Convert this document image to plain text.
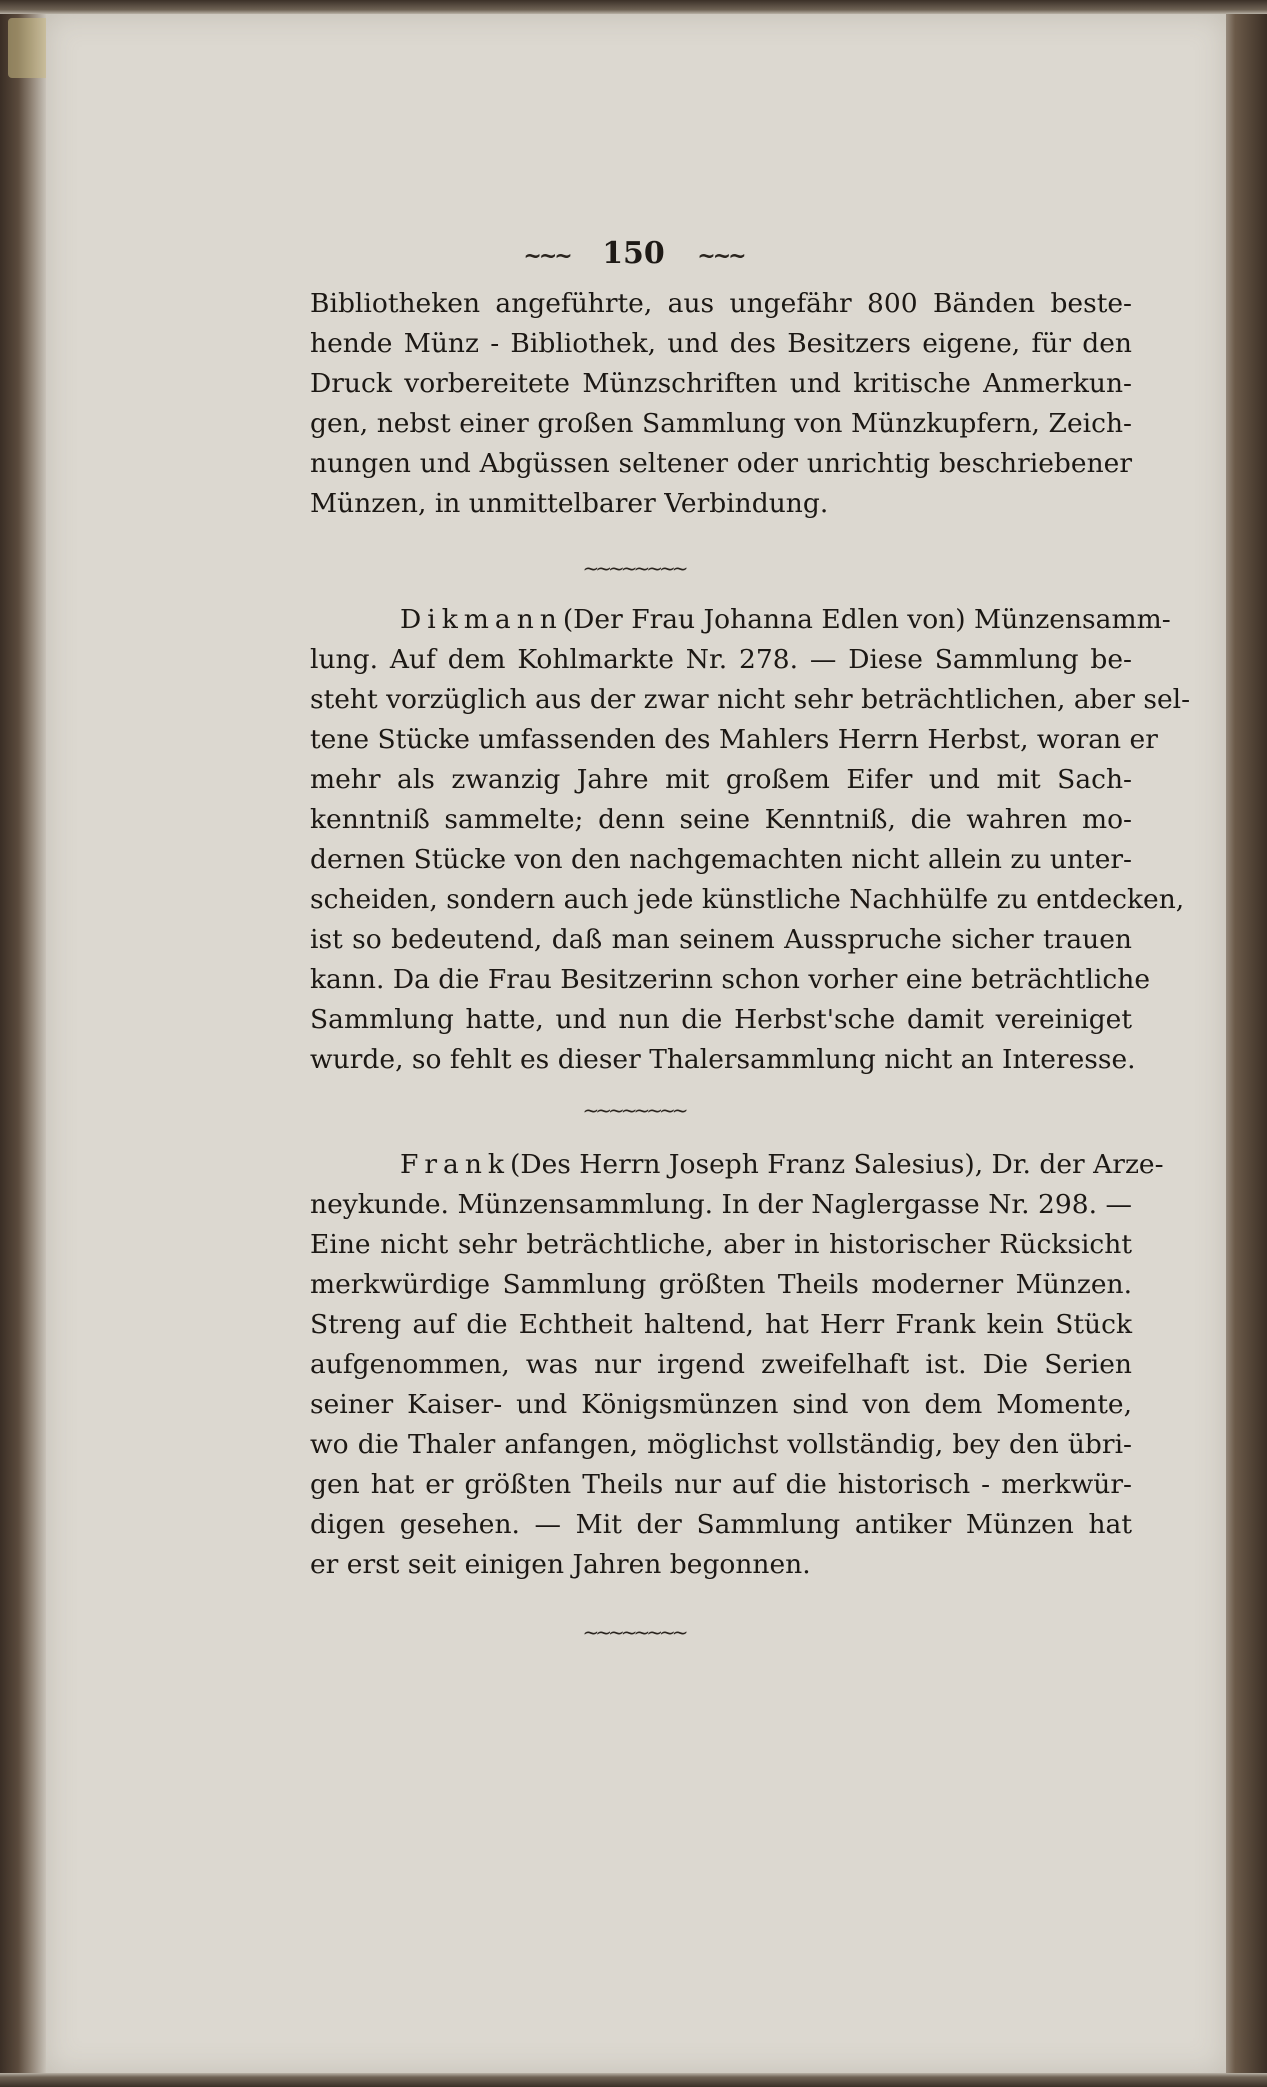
~~~ 150 ~~~
Bibliotheken angeführte, aus ungefähr 800 Bänden beste-
hende Münz - Bibliothek, und des Besitzers eigene, für den
Druck vorbereitete Münzschriften und kritische Anmerkun-
gen, nebst einer großen Sammlung von Münzkupfern, Zeich-
nungen und Abgüssen seltener oder unrichtig beschriebener
Münzen, in unmittelbarer Verbindung.
~~~~~~~~
Dikmann(Der Frau Johanna Edlen von) Münzensamm-
lung. Auf dem Kohlmarkte Nr. 278. — Diese Sammlung be-
steht vorzüglich aus der zwar nicht sehr beträchtlichen, aber sel-
tene Stücke umfassenden des Mahlers Herrn Herbst, woran er
mehr als zwanzig Jahre mit großem Eifer und mit Sach-
kenntniß sammelte; denn seine Kenntniß, die wahren mo-
dernen Stücke von den nachgemachten nicht allein zu unter-
scheiden, sondern auch jede künstliche Nachhülfe zu entdecken,
ist so bedeutend, daß man seinem Ausspruche sicher trauen
kann. Da die Frau Besitzerinn schon vorher eine beträchtliche
Sammlung hatte, und nun die Herbst'sche damit vereiniget
wurde, so fehlt es dieser Thalersammlung nicht an Interesse.
~~~~~~~~
Frank(Des Herrn Joseph Franz Salesius), Dr. der Arze-
neykunde. Münzensammlung. In der Naglergasse Nr. 298. —
Eine nicht sehr beträchtliche, aber in historischer Rücksicht
merkwürdige Sammlung größten Theils moderner Münzen.
Streng auf die Echtheit haltend, hat Herr Frank kein Stück
aufgenommen, was nur irgend zweifelhaft ist. Die Serien
seiner Kaiser- und Königsmünzen sind von dem Momente,
wo die Thaler anfangen, möglichst vollständig, bey den übri-
gen hat er größten Theils nur auf die historisch - merkwür-
digen gesehen. — Mit der Sammlung antiker Münzen hat
er erst seit einigen Jahren begonnen.
~~~~~~~~
